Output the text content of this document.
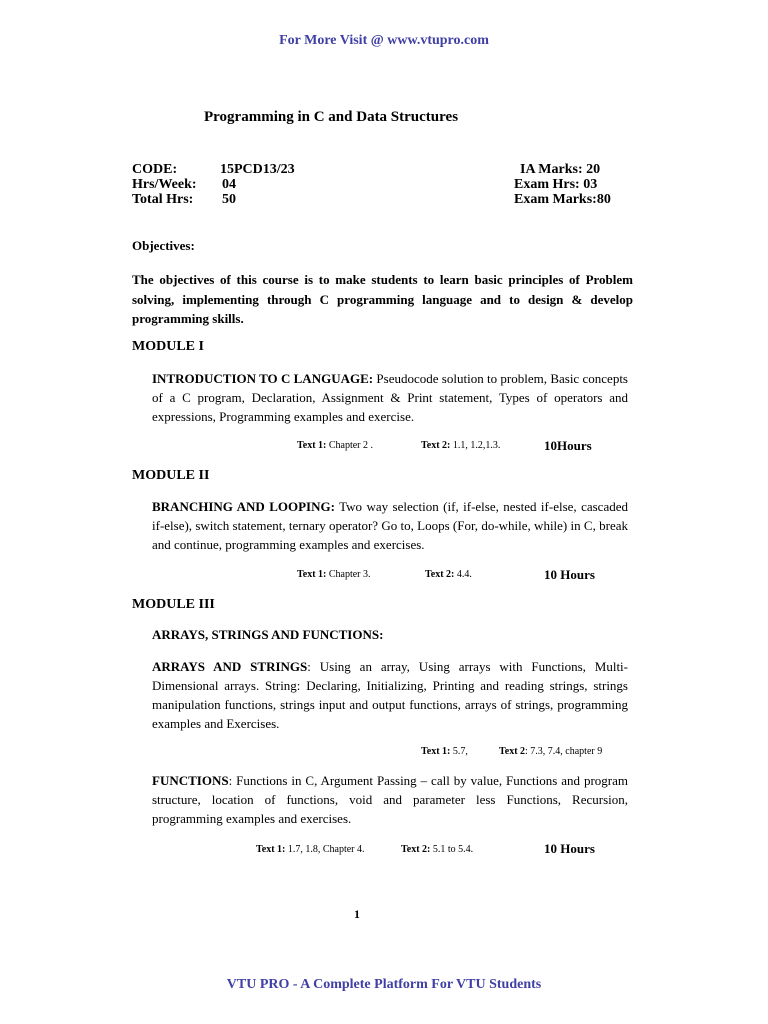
For More Visit @ www.vtupro.com
Programming in C and Data Structures
CODE:	15PCD13/23
Hrs/Week: 04
Total Hrs: 50
IA Marks: 20
Exam Hrs: 03
Exam Marks:80
Objectives:
The objectives of this course is to make students to learn basic principles of Problem solving, implementing through C programming language and to design & develop programming skills.
MODULE I
INTRODUCTION TO C LANGUAGE: Pseudocode solution to problem, Basic concepts of a C program, Declaration, Assignment & Print statement, Types of operators and expressions, Programming examples and exercise.
Text 1: Chapter 2 .	Text 2: 1.1, 1.2,1.3.	10Hours
MODULE II
BRANCHING AND LOOPING: Two way selection (if, if-else, nested if-else, cascaded if-else), switch statement, ternary operator? Go to, Loops (For, do-while, while) in C, break and continue, programming examples and exercises.
Text 1: Chapter 3.	Text 2: 4.4.	10 Hours
MODULE III
ARRAYS, STRINGS AND FUNCTIONS:
ARRAYS AND STRINGS: Using an array, Using arrays with Functions, Multi-Dimensional arrays. String: Declaring, Initializing, Printing and reading strings, strings manipulation functions, strings input and output functions, arrays of strings, programming examples and Exercises.
Text 1: 5.7,	Text 2: 7.3, 7.4, chapter 9
FUNCTIONS: Functions in C, Argument Passing – call by value, Functions and program structure, location of functions, void and parameter less Functions, Recursion, programming examples and exercises.
Text 1: 1.7, 1.8, Chapter 4.	Text 2: 5.1 to 5.4.	10 Hours
1
VTU PRO - A Complete Platform For VTU Students
